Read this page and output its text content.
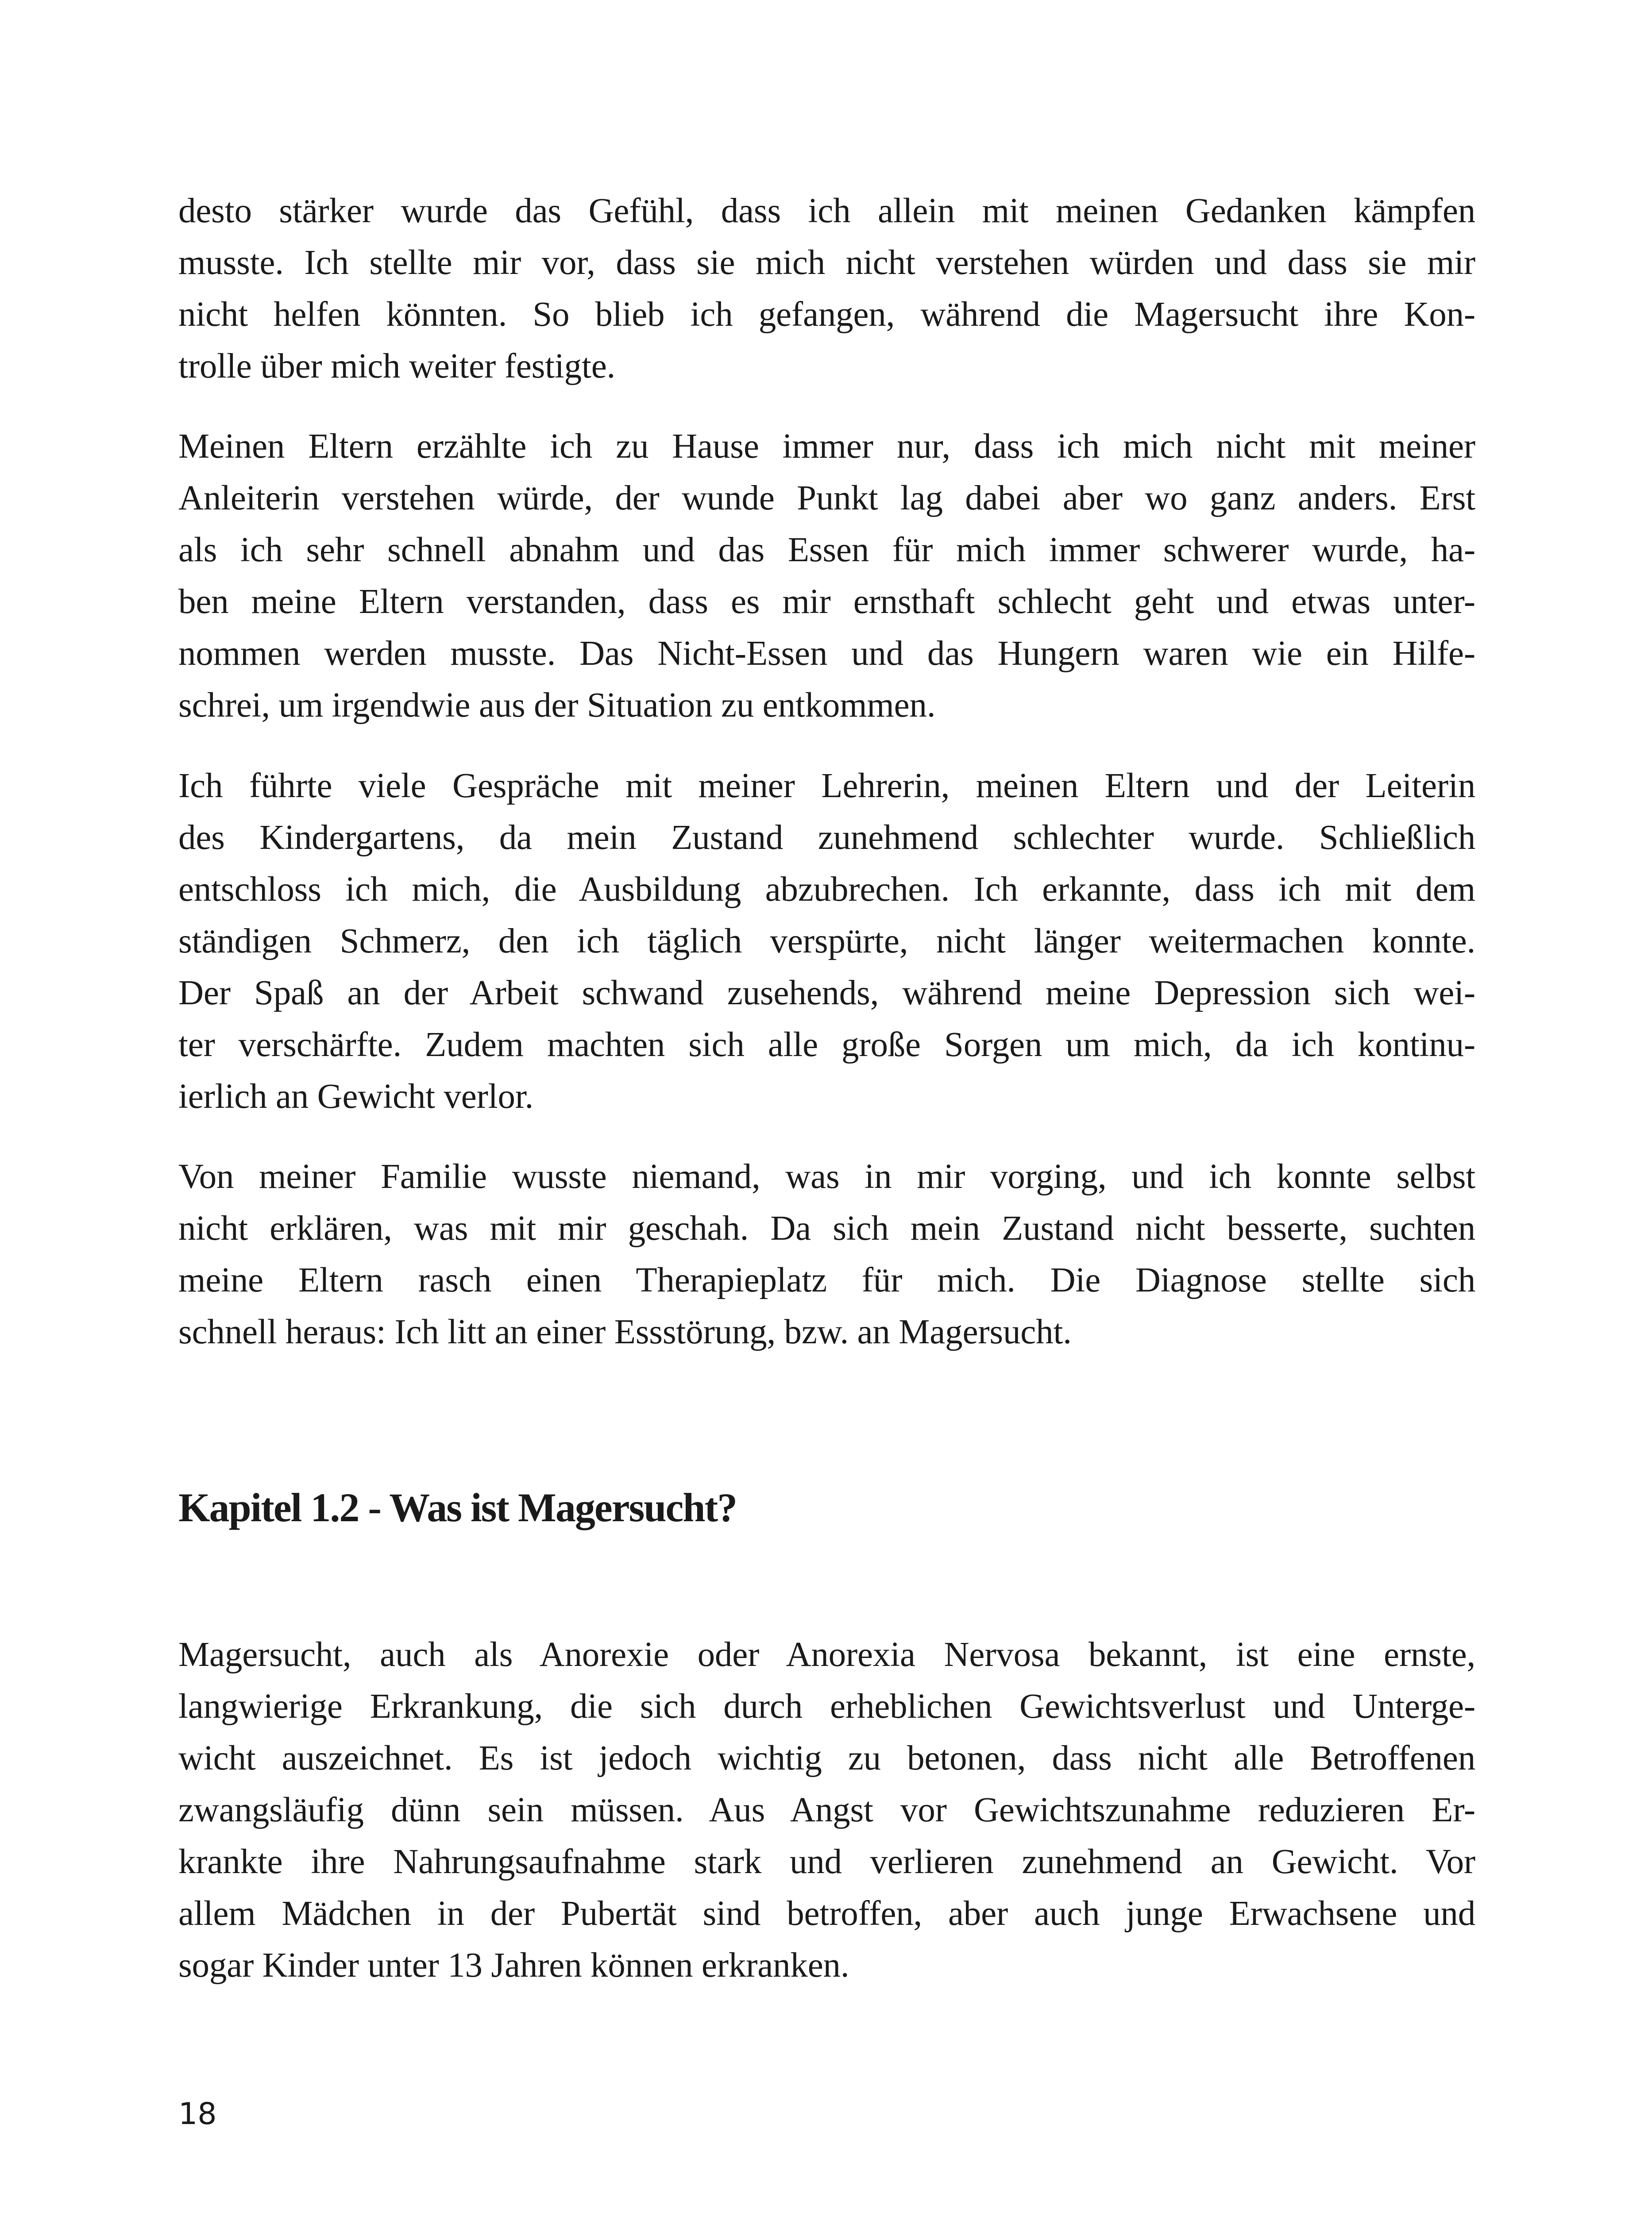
desto stärker wurde das Gefühl, dass ich allein mit meinen Gedanken kämpfen
musste. Ich stellte mir vor, dass sie mich nicht verstehen würden und dass sie mir
nicht helfen könnten. So blieb ich gefangen, während die Magersucht ihre Kon-
trolle über mich weiter festigte.
Meinen Eltern erzählte ich zu Hause immer nur, dass ich mich nicht mit meiner
Anleiterin verstehen würde, der wunde Punkt lag dabei aber wo ganz anders. Erst
als ich sehr schnell abnahm und das Essen für mich immer schwerer wurde, ha-
ben meine Eltern verstanden, dass es mir ernsthaft schlecht geht und etwas unter-
nommen werden musste. Das Nicht-Essen und das Hungern waren wie ein Hilfe-
schrei, um irgendwie aus der Situation zu entkommen.
Ich führte viele Gespräche mit meiner Lehrerin, meinen Eltern und der Leiterin
des Kindergartens, da mein Zustand zunehmend schlechter wurde. Schließlich
entschloss ich mich, die Ausbildung abzubrechen. Ich erkannte, dass ich mit dem
ständigen Schmerz, den ich täglich verspürte, nicht länger weitermachen konnte.
Der Spaß an der Arbeit schwand zusehends, während meine Depression sich wei-
ter verschärfte. Zudem machten sich alle große Sorgen um mich, da ich kontinu-
ierlich an Gewicht verlor.
Von meiner Familie wusste niemand, was in mir vorging, und ich konnte selbst
nicht erklären, was mit mir geschah. Da sich mein Zustand nicht besserte, suchten
meine Eltern rasch einen Therapieplatz für mich. Die Diagnose stellte sich
schnell heraus: Ich litt an einer Essstörung, bzw. an Magersucht.
Kapitel 1.2 - Was ist Magersucht?
Magersucht, auch als Anorexie oder Anorexia Nervosa bekannt, ist eine ernste,
langwierige Erkrankung, die sich durch erheblichen Gewichtsverlust und Unterge-
wicht auszeichnet. Es ist jedoch wichtig zu betonen, dass nicht alle Betroffenen
zwangsläufig dünn sein müssen. Aus Angst vor Gewichtszunahme reduzieren Er-
krankte ihre Nahrungsaufnahme stark und verlieren zunehmend an Gewicht. Vor
allem Mädchen in der Pubertät sind betroffen, aber auch junge Erwachsene und
sogar Kinder unter 13 Jahren können erkranken.

18
